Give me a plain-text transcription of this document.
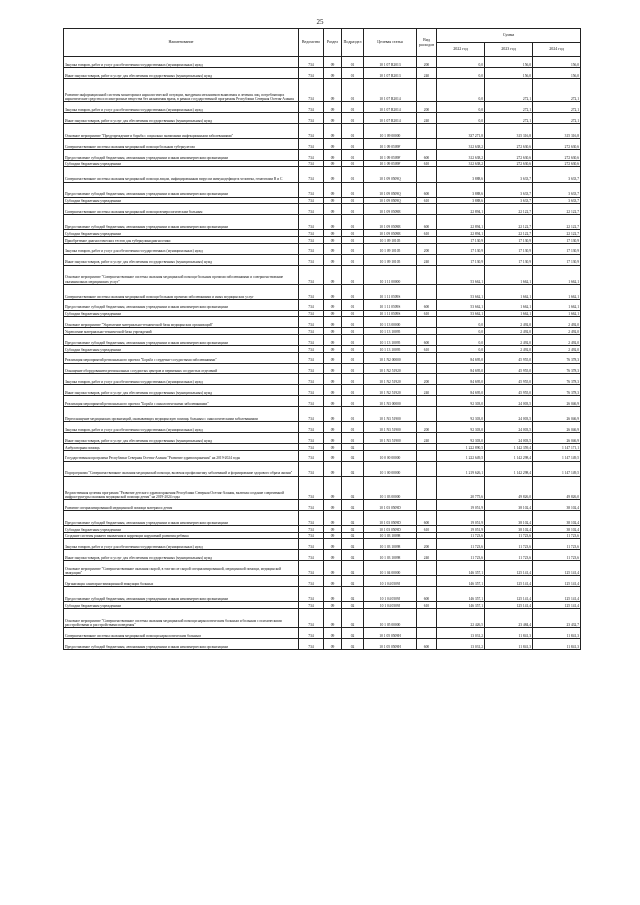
25
Наименование	Ведомство	Раздел	Подраздел	Целевая статья	Вид расходов	Сумма		
						2022 год	2023 год	2024 год
Закупка товаров, работ и услуг для обеспечения государственных (муниципальных) нужд	734	09	01	10 1 07 R2013	200	0,0	156,0	156,0
Иные закупки товаров, работ и услуг для обеспечения государственных (муниципальных) нужд	734	09	01	10 1 07 R2013	240	0,0	156,0	156,0
Развитие информационной системы мониторинга наркологической ситуации, внедрения механизмов выявления и лечения лиц, потребляющих наркотические средства и психотропные вещества без назначения врача, в рамках государственной программы Республики Северная Осетия-Алания	734	09	01	10 1 07 R2014		0,0	272,1	272,1
Закупка товаров, работ и услуг для обеспечения государственных (муниципальных) нужд	734	09	01	10 1 07 R2014	200	0,0	272,1	272,1
Иные закупки товаров, работ и услуг для обеспечения государственных (муниципальных) нужд	734	09	01	10 1 07 R2014	240	0,0	272,1	272,1
Основное мероприятие "Предупреждение и борьба с социально значимыми инфекционными заболеваниями"	734	09	01	10 1 09 00000		337 271,8	315 316,8	315 316,8
Совершенствование системы оказания медицинской помощи больным туберкулезом	734	09	01	10 1 09 0509F		312 638,2	272 630,6	272 630,6
Предоставление субсидий бюджетным, автономным учреждениям и иным некоммерческим организациям	734	09	01	10 1 09 0509F	600	312 638,2	272 630,6	272 630,6
Субсидии бюджетным учреждениям	734	09	01	10 1 09 0509F	610	312 638,2	272 630,6	272 630,6
Совершенствование системы оказания медицинской помощи лицам, инфицированным вирусом иммунодефицита человека, гепатитами В и С	734	09	01	10 1 09 0509Q		3 888,6	3 633,7	3 633,7
Предоставление субсидий бюджетным, автономным учреждениям и иным некоммерческим организациям	734	09	01	10 1 09 0509Q	600	3 888,6	3 633,7	3 633,7
Субсидии бюджетным учреждениям	734	09	01	10 1 09 0509Q	610	3 888,6	3 633,7	3 633,7
Совершенствование системы оказания медицинской помощи венерологическим больным	734	09	01	10 1 09 0509R		22 894,1	22 122,7	22 122,7
Предоставление субсидий бюджетным, автономным учреждениям и иным некоммерческим организациям	734	09	01	10 1 09 0509R	600	22 894,1	22 122,7	22 122,7
Субсидии бюджетным учреждениям	734	09	01	10 1 09 0509R	610	22 894,1	22 122,7	22 122,7
Приобретение диагностических тестов для туберкулинодиагностики	734	09	01	10 1 09 10105		17 130,9	17 130,9	17 130,9
Закупка товаров, работ и услуг для обеспечения государственных (муниципальных) нужд	734	09	01	10 1 09 10105	200	17 130,9	17 130,9	17 130,9
Иные закупки товаров, работ и услуг для обеспечения государственных (муниципальных) нужд	734	09	01	10 1 09 10105	240	17 130,9	17 130,9	17 130,9
Основное мероприятие "Совершенствование системы оказания медицинской помощи больным прочими заболеваниями и совершенствование оказания иных медицинских услуг"	734	09	01	10 1 11 00000		53 662,1	1 662,1	1 662,1
Совершенствование системы оказания медицинской помощи больным прочими заболеваниями и иных медицинских услуг	734	09	01	10 1 11 0509S		53 662,1	1 662,1	1 662,1
Предоставление субсидий бюджетным, автономным учреждениям и иным некоммерческим организациям	734	09	01	10 1 11 0509S	600	53 662,1	1 662,1	1 662,1
Субсидии бюджетным учреждениям	734	09	01	10 1 11 0509S	610	53 662,1	1 662,1	1 662,1
Основное мероприятие "Укрепление материально-технической базы медицинских организаций"	734	09	01	10 1 13 00000		0,0	2 492,0	2 492,0
Укрепление материально-технической базы учреждений	734	09	01	10 1 13 10095		0,0	2 492,0	2 492,0
Предоставление субсидий бюджетным, автономным учреждениям и иным некоммерческим организациям	734	09	01	10 1 13 10095	600	0,0	2 492,0	2 492,0
Субсидии бюджетным учреждениям	734	09	01	10 1 13 10095	610	0,0	2 492,0	2 492,0
Реализация мероприятий регионального проекта "Борьба с сердечно-сосудистыми заболеваниями"	734	09	01	10 1 N2 00000		84 695,0	45 955,0	76 378,3
Оснащение оборудованием региональных сосудистых центров и первичных сосудистых отделений	734	09	01	10 1 N2 51920		84 695,0	45 955,0	76 378,3
Закупка товаров, работ и услуг для обеспечения государственных (муниципальных) нужд	734	09	01	10 1 N2 51920	200	84 695,0	45 955,0	76 378,3
Иные закупки товаров, работ и услуг для обеспечения государственных (муниципальных) нужд	734	09	01	10 1 N2 51920	240	84 695,0	45 955,0	76 378,3
Реализация мероприятий регионального проекта "Борьба с онкологическими заболеваниями"	734	09	01	10 1 N3 00000		92 303,0	24 003,5	26 046,9
Переоснащение медицинских организаций, оказывающих медицинскую помощь больным с онкологическими заболеваниями	734	09	01	10 1 N3 51900		92 303,0	24 003,5	26 046,9
Закупка товаров, работ и услуг для обеспечения государственных (муниципальных) нужд	734	09	01	10 1 N3 51900	200	92 303,0	24 003,5	26 046,9
Иные закупки товаров, работ и услуг для обеспечения государственных (муниципальных) нужд	734	09	01	10 1 N3 51900	240	92 303,0	24 003,5	26 046,9
Амбулаторная помощь	734	09	02			1 222 890,5	1 142 359,4	1 147 171,1
Государственная программа Республики Северная Осетия-Алания "Развитие здравоохранения" на 2019-2024 годы	734	09	02	10 0 00 00000		1 222 649,5	1 142 298,4	1 147 149,5
Подпрограмма "Совершенствование оказания медицинской помощи, включая профилактику заболеваний и формирование здорового образа жизни"	734	09	02	10 1 00 00000		1 219 626,1	1 142 298,4	1 147 149,5
Ведомственная целевая программа "Развитие детского здравоохранения Республики Северная Осетия-Алания, включая создание современной инфраструктуры оказания медицинской помощи детям" на 2019-2024 годы	734	09	02	10 1 03 00000		20 775,6	49 826,0	49 826,0
Развитие специализированной медицинской помощи матерям и детям	734	09	02	10 1 03 0509D		19 051,9	38 102,4	38 102,4
Предоставление субсидий бюджетным, автономным учреждениям и иным некоммерческим организациям	734	09	02	10 1 03 0509D	600	19 051,9	38 102,4	38 102,4
Субсидии бюджетным учреждениям	734	09	02	10 1 03 0509D	610	19 051,9	38 102,4	38 102,4
Создание системы раннего выявления и коррекции нарушений развития ребенка	734	09	02	10 1 03 10098		11 723,6	11 723,6	11 723,6
Закупка товаров, работ и услуг для обеспечения государственных (муниципальных) нужд	734	09	02	10 1 03 10098	200	11 723,6	11 723,6	11 723,6
Иные закупки товаров, работ и услуг для обеспечения государственных (муниципальных) нужд	734	09	02	10 1 03 10098	240	11 723,6	11 723,6	11 723,6
Основное мероприятие "Совершенствование оказания скорой, в том числе скорой специализированной, медицинской помощи, медицинской эвакуации"	734	09	02	10 1 04 00000		146 357,1	125 141,4	125 141,4
Организация санитарно-авиационной эвакуации больных	734	09	02	10 1 04 0509J		146 357,1	125 141,4	125 141,4
Предоставление субсидий бюджетным, автономным учреждениям и иным некоммерческим организациям	734	09	02	10 1 04 0509J	600	146 357,1	125 141,4	125 141,4
Субсидии бюджетным учреждениям	734	09	02	10 1 04 0509J	610	146 357,1	125 141,4	125 141,4
Основное мероприятие "Совершенствование системы оказания медицинской помощи наркологическим больным и больным с психическими расстройствами и расстройствами поведения"	734	09	02	10 1 05 00000		22 426,5	23 484,4	23 432,7
Совершенствование системы оказания медицинской помощи наркологическим больным	734	09	02	10 1 05 0509H		13 031,2	11 841,3	11 841,3
Предоставление субсидий бюджетным, автономным учреждениям и иным некоммерческим организациям	734	09	02	10 1 05 0509H	600	13 031,2	11 841,3	11 841,3
